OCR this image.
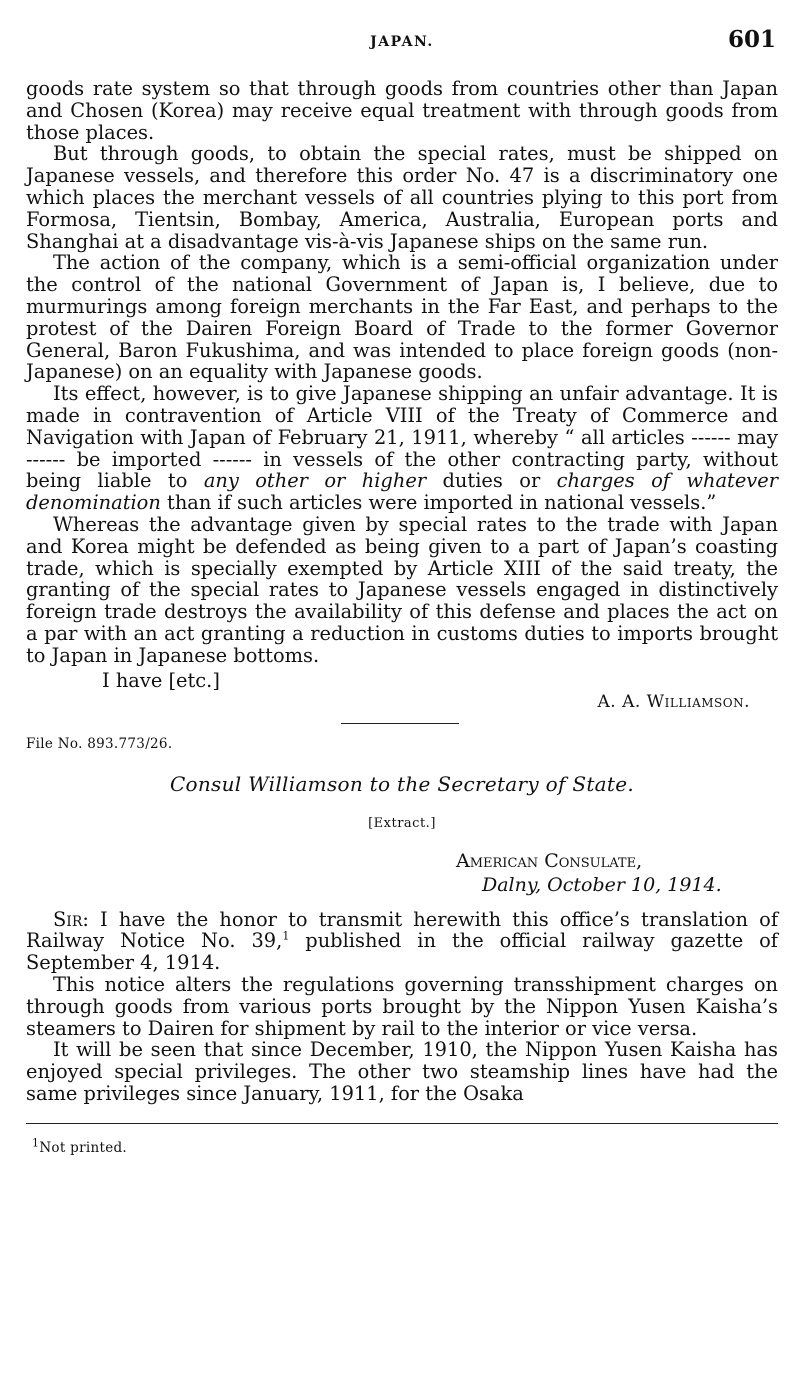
JAPAN.	601

goods rate system so that through goods from countries other than Japan and Chosen (Korea) may receive equal treatment with through goods from those places.

But through goods, to obtain the special rates, must be shipped on Japanese vessels, and therefore this order No. 47 is a discriminatory one which places the merchant vessels of all countries plying to this port from Formosa, Tientsin, Bombay, America, Australia, European ports and Shanghai at a disadvantage vis-à-vis Japanese ships on the same run.

The action of the company, which is a semi-official organization under the control of the national Government of Japan is, I believe, due to murmurings among foreign merchants in the Far East, and perhaps to the protest of the Dairen Foreign Board of Trade to the former Governor General, Baron Fukushima, and was intended to place foreign goods (non-Japanese) on an equality with Japanese goods.

Its effect, however, is to give Japanese shipping an unfair advantage. It is made in contravention of Article VIII of the Treaty of Commerce and Navigation with Japan of February 21, 1911, whereby “ all articles ------ may ------ be imported ------ in vessels of the other contracting party, without being liable to any other or higher duties or charges of whatever denomination than if such articles were imported in national vessels.”

Whereas the advantage given by special rates to the trade with Japan and Korea might be defended as being given to a part of Japan’s coasting trade, which is specially exempted by Article XIII of the said treaty, the granting of the special rates to Japanese vessels engaged in distinctively foreign trade destroys the availability of this defense and places the act on a par with an act granting a reduction in customs duties to imports brought to Japan in Japanese bottoms.

I have [etc.]
A. A. Williamson.
File No. 893.773/26.
Consul Williamson to the Secretary of State.
[Extract.]
American Consulate,
Dalny, October 10, 1914.

Sir: I have the honor to transmit herewith this office’s translation of Railway Notice No. 39,$^1$ published in the official railway gazette of September 4, 1914.

This notice alters the regulations governing transshipment charges on through goods from various ports brought by the Nippon Yusen Kaisha’s steamers to Dairen for shipment by rail to the interior or vice versa.

It will be seen that since December, 1910, the Nippon Yusen Kaisha has enjoyed special privileges. The other two steamship lines have had the same privileges since January, 1911, for the Osaka

$^1$Not printed.
